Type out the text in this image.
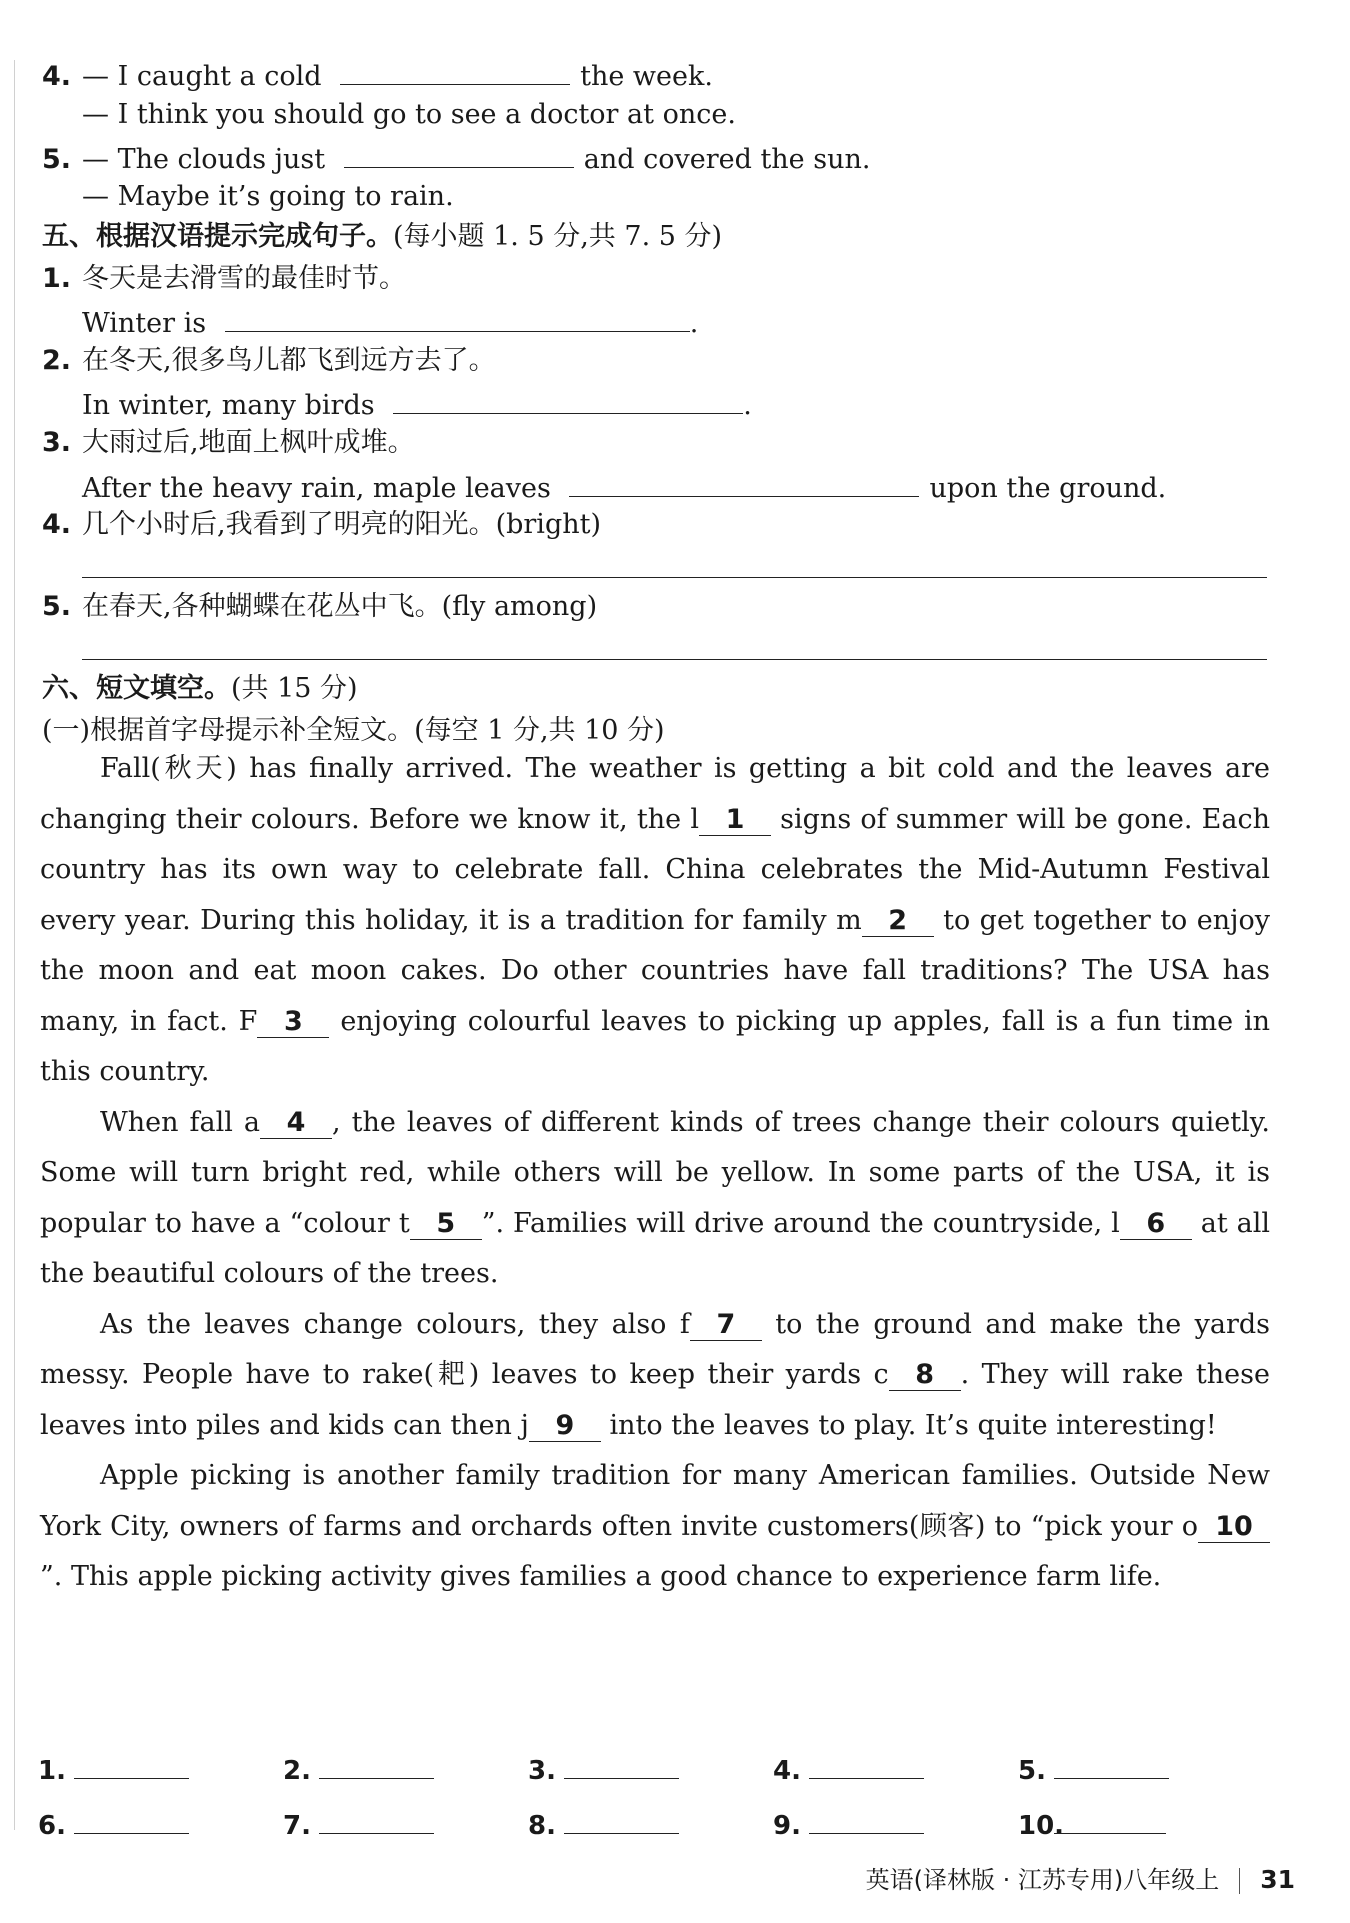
4. — I caught a cold	the week.
— I think you should go to see a doctor at once.
5. — The clouds just	and covered the sun.
— Maybe it’s going to rain.
五、根据汉语提示完成句子。(每小题 1. 5 分,共 7. 5 分)
1. 冬天是去滑雪的最佳时节。
Winter is	.
2. 在冬天,很多鸟儿都飞到远方去了。
In winter, many birds	.
3. 大雨过后,地面上枫叶成堆。
After the heavy rain, maple leaves	upon the ground.
4. 几个小时后,我看到了明亮的阳光。(bright)
5. 在春天,各种蝴蝶在花丛中飞。(fly among)
六、短文填空。(共 15 分)
(一)根据首字母提示补全短文。(每空 1 分,共 10 分)

Fall(秋天) has finally arrived. The weather is getting a bit cold and the leaves are changing their colours. Before we know it, the l 1 signs of summer will be gone. Each country has its own way to celebrate fall. China celebrates the Mid-Autumn Festival every year. During this holiday, it is a tradition for family m 2 to get together to enjoy the moon and eat moon cakes. Do other countries have fall traditions? The USA has many, in fact. F 3 enjoying colourful leaves to picking up apples, fall is a fun time in this country.

When fall a 4 , the leaves of different kinds of trees change their colours quietly. Some will turn bright red, while others will be yellow. In some parts of the USA, it is popular to have a “colour t 5 ”. Families will drive around the countryside, l 6 at all the beautiful colours of the trees.

As the leaves change colours, they also f 7 to the ground and make the yards messy. People have to rake(耙) leaves to keep their yards c 8 . They will rake these leaves into piles and kids can then j 9 into the leaves to play. It’s quite interesting!

Apple picking is another family tradition for many American families. Outside New York City, owners of farms and orchards often invite customers(顾客) to “pick your o 10”. This apple picking activity gives families a good chance to experience farm life.

1.	2.	3.	4.	5.
6.	7.	8.	9.	10.
英语(译林版 · 江苏专用)八年级上 31
